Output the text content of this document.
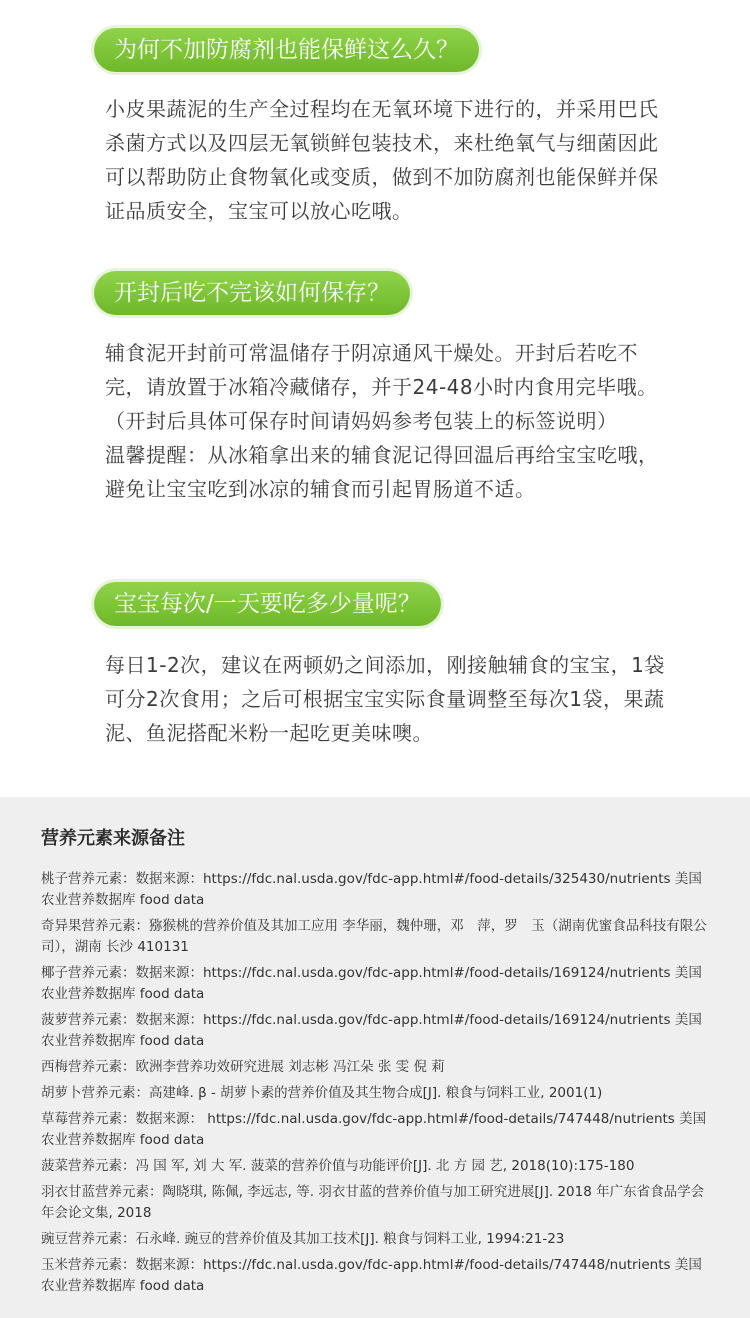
为何不加防腐剂也能保鲜这么久？

小皮果蔬泥的生产全过程均在无氧环境下进行的，并采用巴氏杀菌方式以及四层无氧锁鲜包装技术，来杜绝氧气与细菌因此可以帮助防止食物氧化或变质，做到不加防腐剂也能保鲜并保证品质安全，宝宝可以放心吃哦。

开封后吃不完该如何保存？

辅食泥开封前可常温储存于阴凉通风干燥处。开封后若吃不完，请放置于冰箱冷藏储存，并于24-48小时内食用完毕哦。（开封后具体可保存时间请妈妈参考包装上的标签说明）

温馨提醒：从冰箱拿出来的辅食泥记得回温后再给宝宝吃哦，避免让宝宝吃到冰凉的辅食而引起胃肠道不适。

宝宝每次/一天要吃多少量呢？

每日1-2次，建议在两顿奶之间添加，刚接触辅食的宝宝，1袋可分2次食用；之后可根据宝宝实际食量调整至每次1袋，果蔬泥、鱼泥搭配米粉一起吃更美味噢。

营养元素来源备注
桃子营养元素：数据来源：https://fdc.nal.usda.gov/fdc-app.html#/food-details/325430/nutrients 美国农业营养数据库 food data
奇异果营养元素：猕猴桃的营养价值及其加工应用 李华丽，魏仲珊，邓　萍，罗　玉（湖南优蜜食品科技有限公司），湖南 长沙 410131
椰子营养元素：数据来源：https://fdc.nal.usda.gov/fdc-app.html#/food-details/169124/nutrients 美国农业营养数据库 food data
菠萝营养元素：数据来源：https://fdc.nal.usda.gov/fdc-app.html#/food-details/169124/nutrients 美国农业营养数据库 food data
西梅营养元素：欧洲李营养功效研究进展 刘志彬 冯江朵 张 雯 倪 莉
胡萝卜营养元素：高建峰. β - 胡萝卜素的营养价值及其生物合成[J]. 粮食与饲料工业, 2001(1)
草莓营养元素：数据来源： https://fdc.nal.usda.gov/fdc-app.html#/food-details/747448/nutrients 美国农业营养数据库 food data
菠菜营养元素：冯 国 军, 刘 大 军. 菠菜的营养价值与功能评价[J]. 北 方 园 艺, 2018(10):175-180
羽衣甘蓝营养元素：陶晓琪, 陈佩, 李远志, 等. 羽衣甘蓝的营养价值与加工研究进展[J]. 2018 年广东省食品学会年会论文集, 2018
豌豆营养元素：石永峰. 豌豆的营养价值及其加工技术[J]. 粮食与饲料工业, 1994:21-23
玉米营养元素：数据来源：https://fdc.nal.usda.gov/fdc-app.html#/food-details/747448/nutrients 美国农业营养数据库 food data
